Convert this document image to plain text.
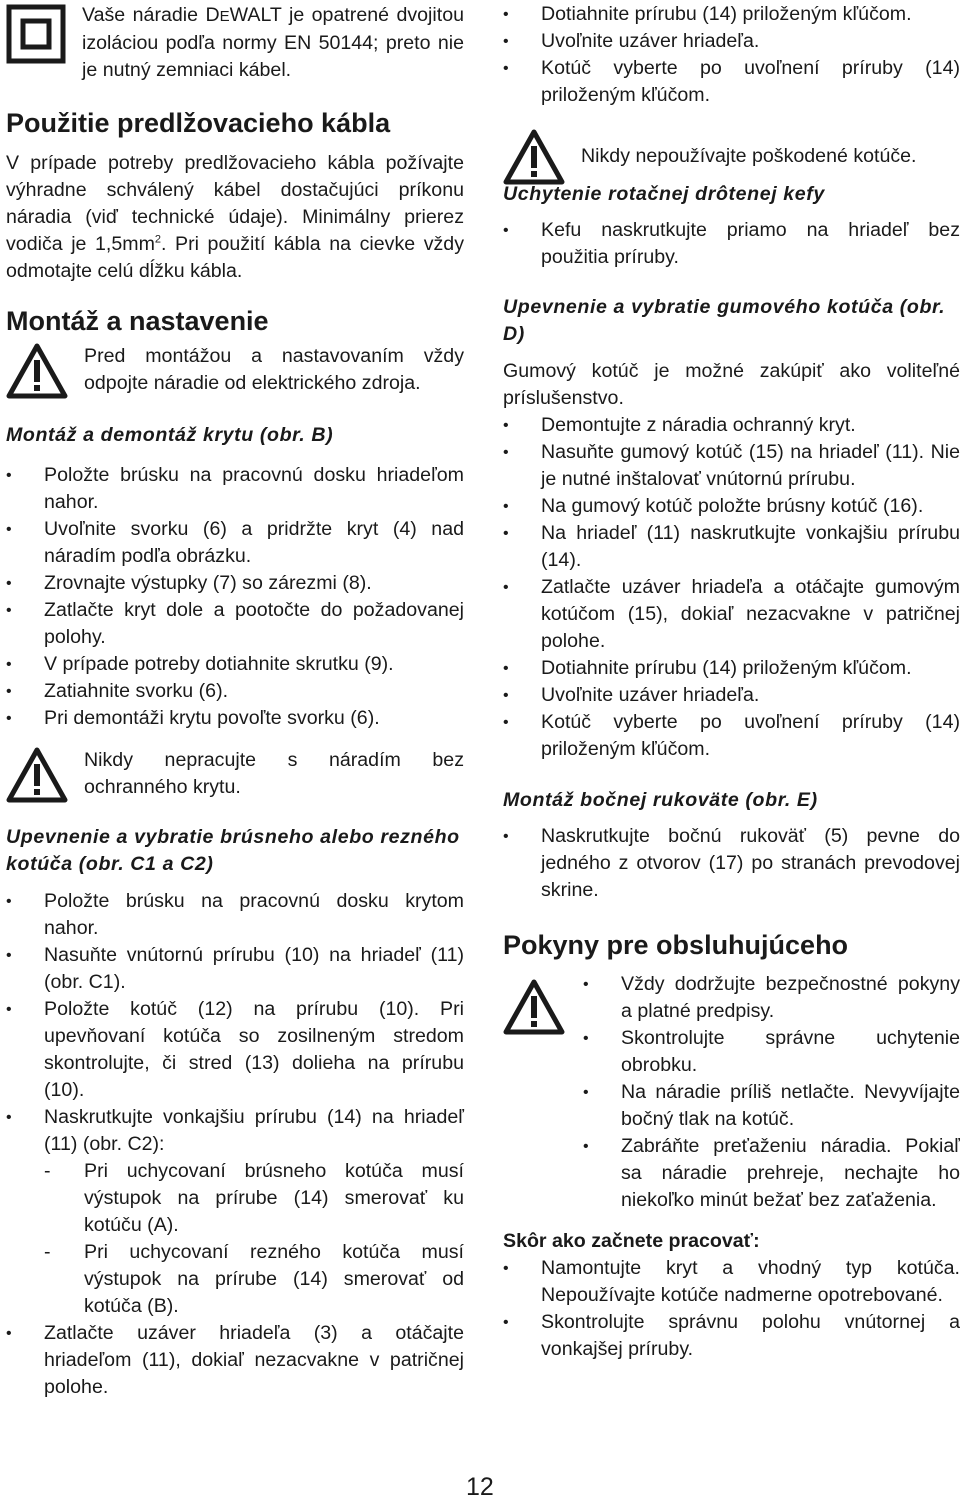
Vaše náradie DEWALT je opatrené dvojitou izoláciou podľa normy EN 50144; preto nie je nutný zemniaci kábel.

Použitie predlžovacieho kábla

V prípade potreby predlžovacieho kábla požívajte výhradne schválený kábel dostačujúci príkonu náradia (viď technické údaje). Minimálny prierez vodiča je $1,5mm^2$. Pri použití kábla na cievke vždy odmotajte celú dĺžku kábla.

Montáž a nastavenie

Pred montážou a nastavovaním vždy odpojte náradie od elektrického zdroja.

Montáž a demontáž krytu (obr. B)
• Položte brúsku na pracovnú dosku hriadeľom nahor.
• Uvoľnite svorku (6) a pridržte kryt (4) nad náradím podľa obrázku.
• Zrovnajte výstupky (7) so zárezmi (8).
• Zatlačte kryt dole a pootočte do požadovanej polohy.
• V prípade potreby dotiahnite skrutku (9).
• Zatiahnite svorku (6).
• Pri demontáži krytu povoľte svorku (6).

Nikdy nepracujte s náradím bez ochranného krytu.

Upevnenie a vybratie brúsneho alebo rezného kotúča (obr. C1 a C2)
• Položte brúsku na pracovnú dosku krytom nahor.
• Nasuňte vnútornú prírubu (10) na hriadeľ (11) (obr. C1).
• Položte kotúč (12) na prírubu (10). Pri upevňovaní kotúča so zosilneným stredom skontrolujte, či stred (13) dolieha na prírubu (10).
• Naskrutkujte vonkajšiu prírubu (14) na hriadeľ (11) (obr. C2):
- Pri uchycovaní brúsneho kotúča musí výstupok na prírube (14) smerovať ku kotúču (A).
- Pri uchycovaní rezného kotúča musí výstupok na prírube (14) smerovať od kotúča (B).
• Zatlačte uzáver hriadeľa (3) a otáčajte hriadeľom (11), dokiaľ nezacvakne v patričnej polohe.
• Dotiahnite prírubu (14) priloženým kľúčom.
• Uvoľnite uzáver hriadeľa.
• Kotúč vyberte po uvoľnení príruby (14) priloženým kľúčom.

Nikdy nepoužívajte poškodené kotúče.

Uchytenie rotačnej drôtenej kefy
• Kefu naskrutkujte priamo na hriadeľ bez použitia príruby.
Upevnenie a vybratie gumového kotúča (obr. D)

Gumový kotúč je možné zakúpiť ako voliteľné príslušenstvo.

• Demontujte z náradia ochranný kryt.
• Nasuňte gumový kotúč (15) na hriadeľ (11). Nie je nutné inštalovať vnútornú prírubu.
• Na gumový kotúč položte brúsny kotúč (16).
• Na hriadeľ (11) naskrutkujte vonkajšiu prírubu (14).
• Zatlačte uzáver hriadeľa a otáčajte gumovým kotúčom (15), dokiaľ nezacvakne v patričnej polohe.
• Dotiahnite prírubu (14) priloženým kľúčom.
• Uvoľnite uzáver hriadeľa.
• Kotúč vyberte po uvoľnení príruby (14) priloženým kľúčom.
Montáž bočnej rukoväte (obr. E)
• Naskrutkujte bočnú rukoväť (5) pevne do jedného z otvorov (17) po stranách prevodovej skrine.
Pokyny pre obsluhujúceho
• Vždy dodržujte bezpečnostné pokyny a platné predpisy.
• Skontrolujte správne uchytenie obrobku.
• Na náradie príliš netlačte. Nevyvíjajte bočný tlak na kotúč.
• Zabráňte preťaženiu náradia. Pokiaľ sa náradie prehreje, nechajte ho niekoľko minút bežať bez zaťaženia.
Skôr ako začnete pracovať:
• Namontujte kryt a vhodný typ kotúča. Nepoužívajte kotúče nadmerne opotrebované.
• Skontrolujte správnu polohu vnútornej a vonkajšej príruby.
12
